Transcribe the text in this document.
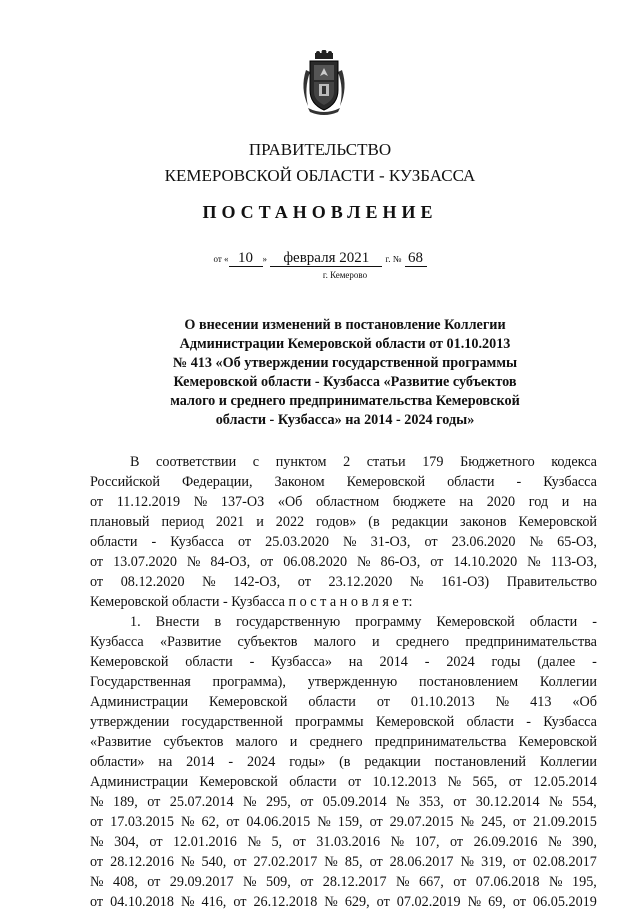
ПРАВИТЕЛЬСТВО
КЕМЕРОВСКОЙ ОБЛАСТИ - КУЗБАССА
ПОСТАНОВЛЕНИЕ
от « 10 » февраля 2021 г. № 68
г. Кемерово
О внесении изменений в постановление Коллегии
Администрации Кемеровской области от 01.10.2013
№ 413 «Об утверждении государственной программы
Кемеровской области - Кузбасса «Развитие субъектов
малого и среднего предпринимательства Кемеровской
области - Кузбасса» на 2014 - 2024 годы»
В соответствии с пунктом 2 статьи 179 Бюджетного кодекса
Российской Федерации, Законом Кемеровской области - Кузбасса
от 11.12.2019 № 137-ОЗ «Об областном бюджете на 2020 год и на
плановый период 2021 и 2022 годов» (в редакции законов Кемеровской
области - Кузбасса от 25.03.2020 № 31-ОЗ, от 23.06.2020 № 65-ОЗ,
от 13.07.2020 № 84-ОЗ, от 06.08.2020 № 86-ОЗ, от 14.10.2020 № 113-ОЗ,
от 08.12.2020 № 142-ОЗ, от 23.12.2020 № 161-ОЗ) Правительство
Кемеровской области - Кузбасса п о с т а н о в л я е т:
1. Внести в государственную программу Кемеровской области -
Кузбасса «Развитие субъектов малого и среднего предпринимательства
Кемеровской области - Кузбасса» на 2014 - 2024 годы (далее -
Государственная программа), утвержденную постановлением Коллегии
Администрации Кемеровской области от 01.10.2013 № 413 «Об
утверждении государственной программы Кемеровской области - Кузбасса
«Развитие субъектов малого и среднего предпринимательства Кемеровской
области» на 2014 - 2024 годы» (в редакции постановлений Коллегии
Администрации Кемеровской области от 10.12.2013 № 565, от 12.05.2014
№ 189, от 25.07.2014 № 295, от 05.09.2014 № 353, от 30.12.2014 № 554,
от 17.03.2015 № 62, от 04.06.2015 № 159, от 29.07.2015 № 245, от 21.09.2015
№ 304, от 12.01.2016 № 5, от 31.03.2016 № 107, от 26.09.2016 № 390,
от 28.12.2016 № 540, от 27.02.2017 № 85, от 28.06.2017 № 319, от 02.08.2017
№ 408, от 29.09.2017 № 509, от 28.12.2017 № 667, от 07.06.2018 № 195,
от 04.10.2018 № 416, от 26.12.2018 № 629, от 07.02.2019 № 69, от 06.05.2019
